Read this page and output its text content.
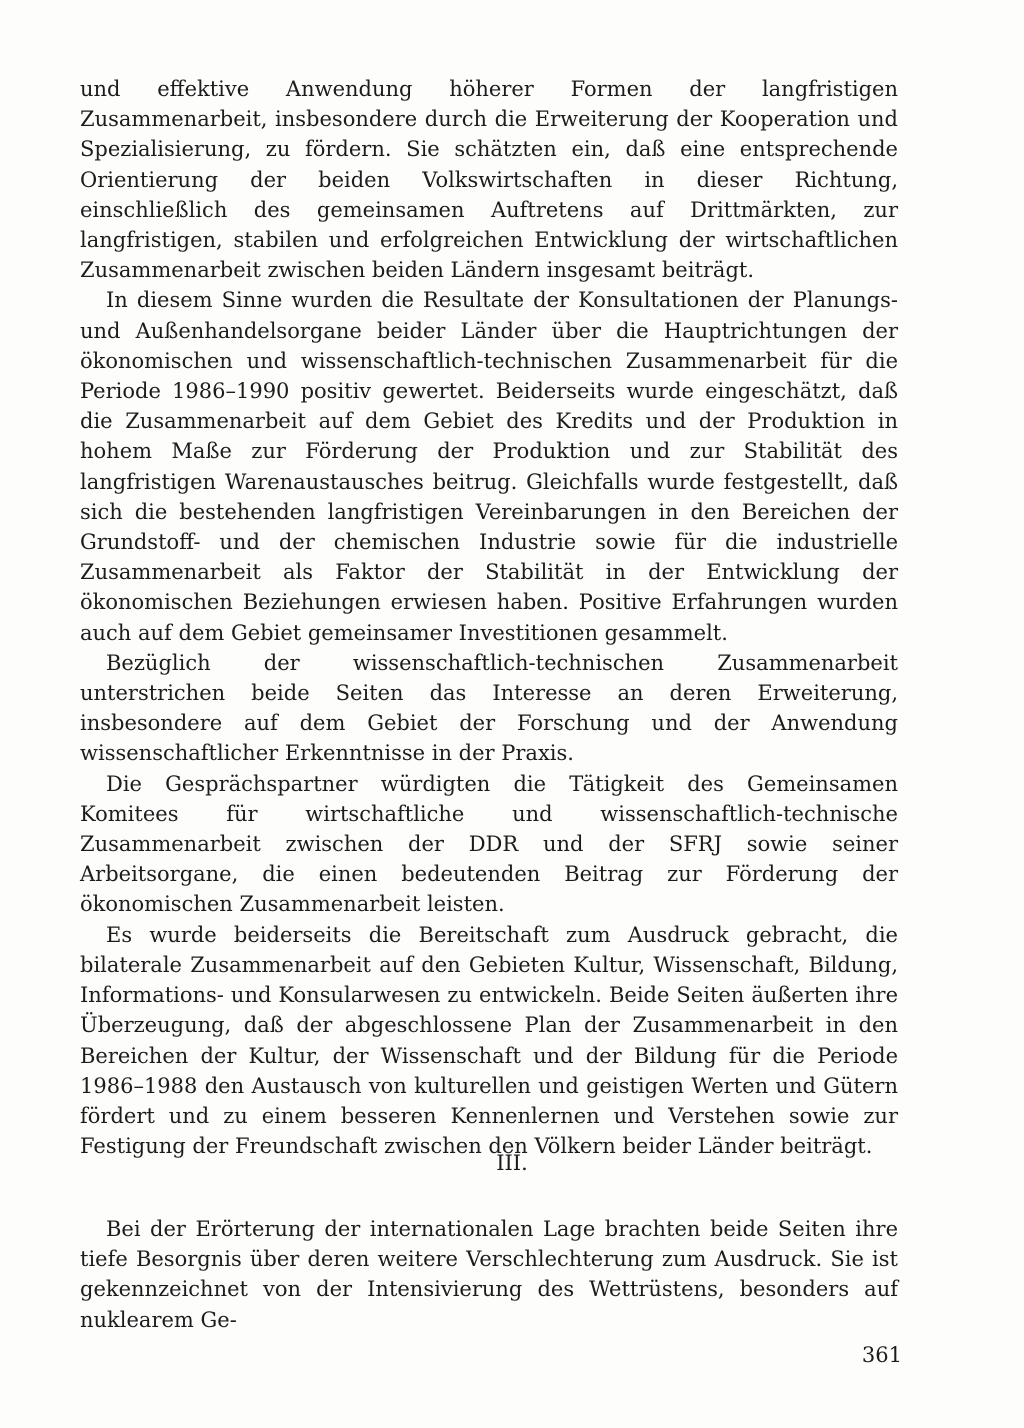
und effektive Anwendung höherer Formen der langfristigen Zusammenarbeit, insbesondere durch die Erweiterung der Kooperation und Spezialisierung, zu fördern. Sie schätzten ein, daß eine entsprechende Orientierung der beiden Volkswirtschaften in dieser Richtung, einschließlich des gemeinsamen Auftretens auf Drittmärkten, zur langfristigen, stabilen und erfolgreichen Entwicklung der wirtschaftlichen Zusammenarbeit zwischen beiden Ländern insgesamt beiträgt.

In diesem Sinne wurden die Resultate der Konsultationen der Planungs- und Außenhandelsorgane beider Länder über die Hauptrichtungen der ökonomischen und wissenschaftlich-technischen Zusammenarbeit für die Periode 1986–1990 positiv gewertet. Beiderseits wurde eingeschätzt, daß die Zusammenarbeit auf dem Gebiet des Kredits und der Produktion in hohem Maße zur Förderung der Produktion und zur Stabilität des langfristigen Warenaustausches beitrug. Gleichfalls wurde festgestellt, daß sich die bestehenden langfristigen Vereinbarungen in den Bereichen der Grundstoff- und der chemischen Industrie sowie für die industrielle Zusammenarbeit als Faktor der Stabilität in der Entwicklung der ökonomischen Beziehungen erwiesen haben. Positive Erfahrungen wurden auch auf dem Gebiet gemeinsamer Investitionen gesammelt.

Bezüglich der wissenschaftlich-technischen Zusammenarbeit unterstrichen beide Seiten das Interesse an deren Erweiterung, insbesondere auf dem Gebiet der Forschung und der Anwendung wissenschaftlicher Erkenntnisse in der Praxis.

Die Gesprächspartner würdigten die Tätigkeit des Gemeinsamen Komitees für wirtschaftliche und wissenschaftlich-technische Zusammenarbeit zwischen der DDR und der SFRJ sowie seiner Arbeitsorgane, die einen bedeutenden Beitrag zur Förderung der ökonomischen Zusammenarbeit leisten.

Es wurde beiderseits die Bereitschaft zum Ausdruck gebracht, die bilaterale Zusammenarbeit auf den Gebieten Kultur, Wissenschaft, Bildung, Informations- und Konsularwesen zu entwickeln. Beide Seiten äußerten ihre Überzeugung, daß der abgeschlossene Plan der Zusammenarbeit in den Bereichen der Kultur, der Wissenschaft und der Bildung für die Periode 1986–1988 den Austausch von kulturellen und geistigen Werten und Gütern fördert und zu einem besseren Kennenlernen und Verstehen sowie zur Festigung der Freundschaft zwischen den Völkern beider Länder beiträgt.

III.

Bei der Erörterung der internationalen Lage brachten beide Seiten ihre tiefe Besorgnis über deren weitere Verschlechterung zum Ausdruck. Sie ist gekennzeichnet von der Intensivierung des Wettrüstens, besonders auf nuklearem Ge-

361
